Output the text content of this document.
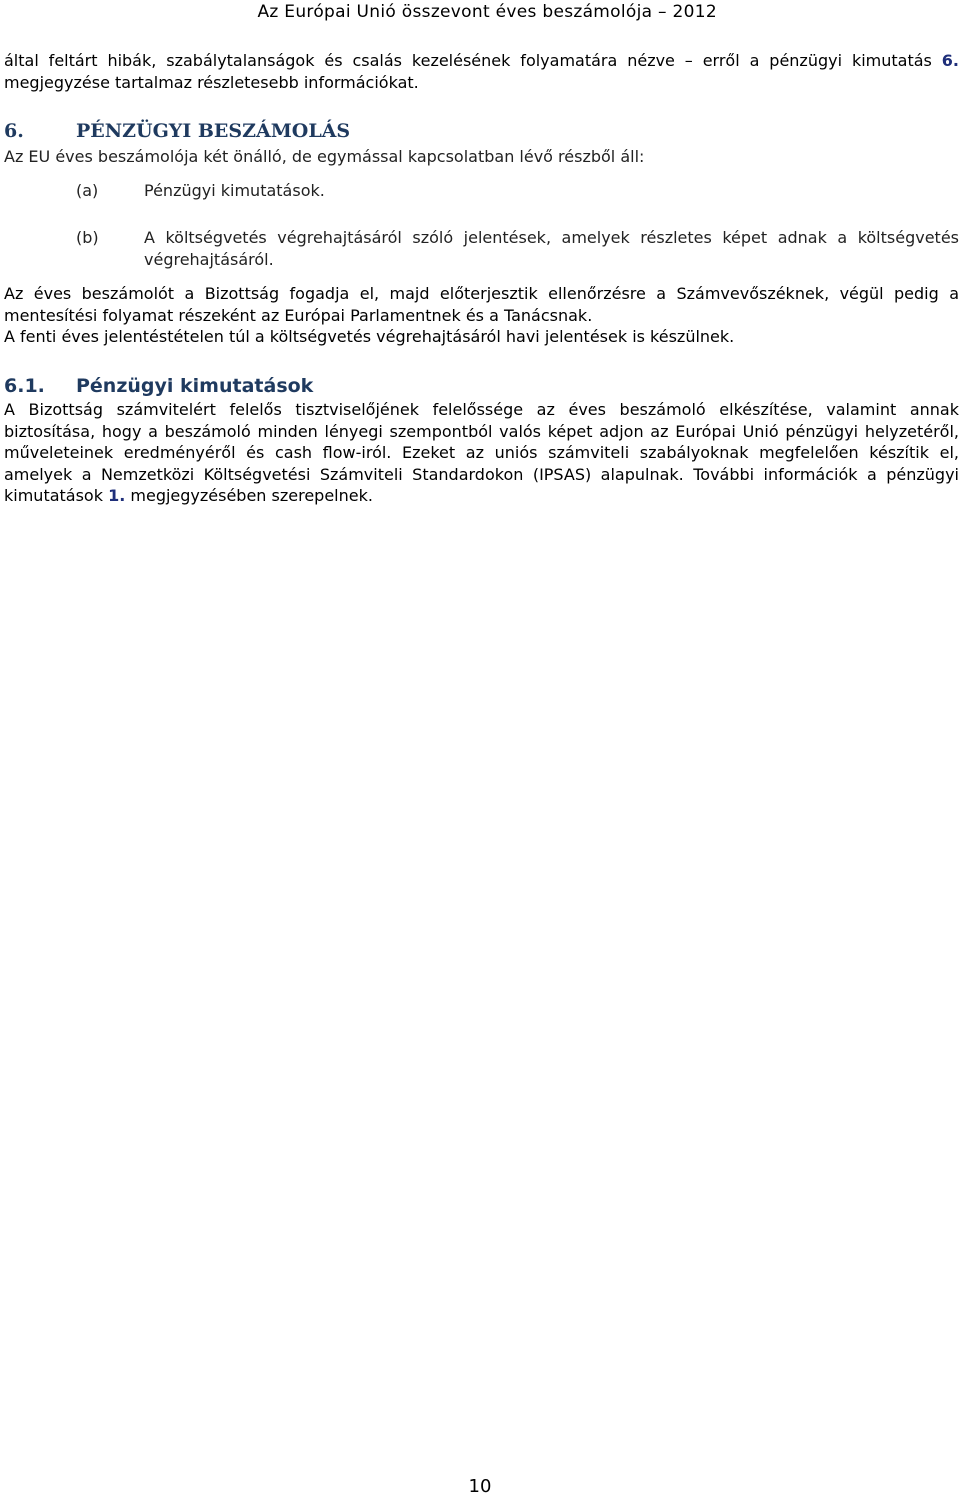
Az Európai Unió összevont éves beszámolója – 2012

által feltárt hibák, szabálytalanságok és csalás kezelésének folyamatára nézve – erről a pénzügyi kimutatás 6. megjegyzése tartalmaz részletesebb információkat.

6.	PÉNZÜGYI BESZÁMOLÁS
Az EU éves beszámolója két önálló, de egymással kapcsolatban lévő részből áll:
(a)	Pénzügyi kimutatások.
(b)	A költségvetés végrehajtásáról szóló jelentések, amelyek részletes képet adnak a költségvetés végrehajtásáról.

Az éves beszámolót a Bizottság fogadja el, majd előterjesztik ellenőrzésre a Számvevőszéknek, végül pedig a mentesítési folyamat részeként az Európai Parlamentnek és a Tanácsnak.

A fenti éves jelentéstételen túl a költségvetés végrehajtásáról havi jelentések is készülnek.

6.1. Pénzügyi kimutatások

A Bizottság számvitelért felelős tisztviselőjének felelőssége az éves beszámoló elkészítése, valamint annak biztosítása, hogy a beszámoló minden lényegi szempontból valós képet adjon az Európai Unió pénzügyi helyzetéről, műveleteinek eredményéről és cash flow-iról. Ezeket az uniós számviteli szabályoknak megfelelően készítik el, amelyek a Nemzetközi Költségvetési Számviteli Standardokon (IPSAS) alapulnak. További információk a pénzügyi kimutatások 1. megjegyzésében szerepelnek.

10
